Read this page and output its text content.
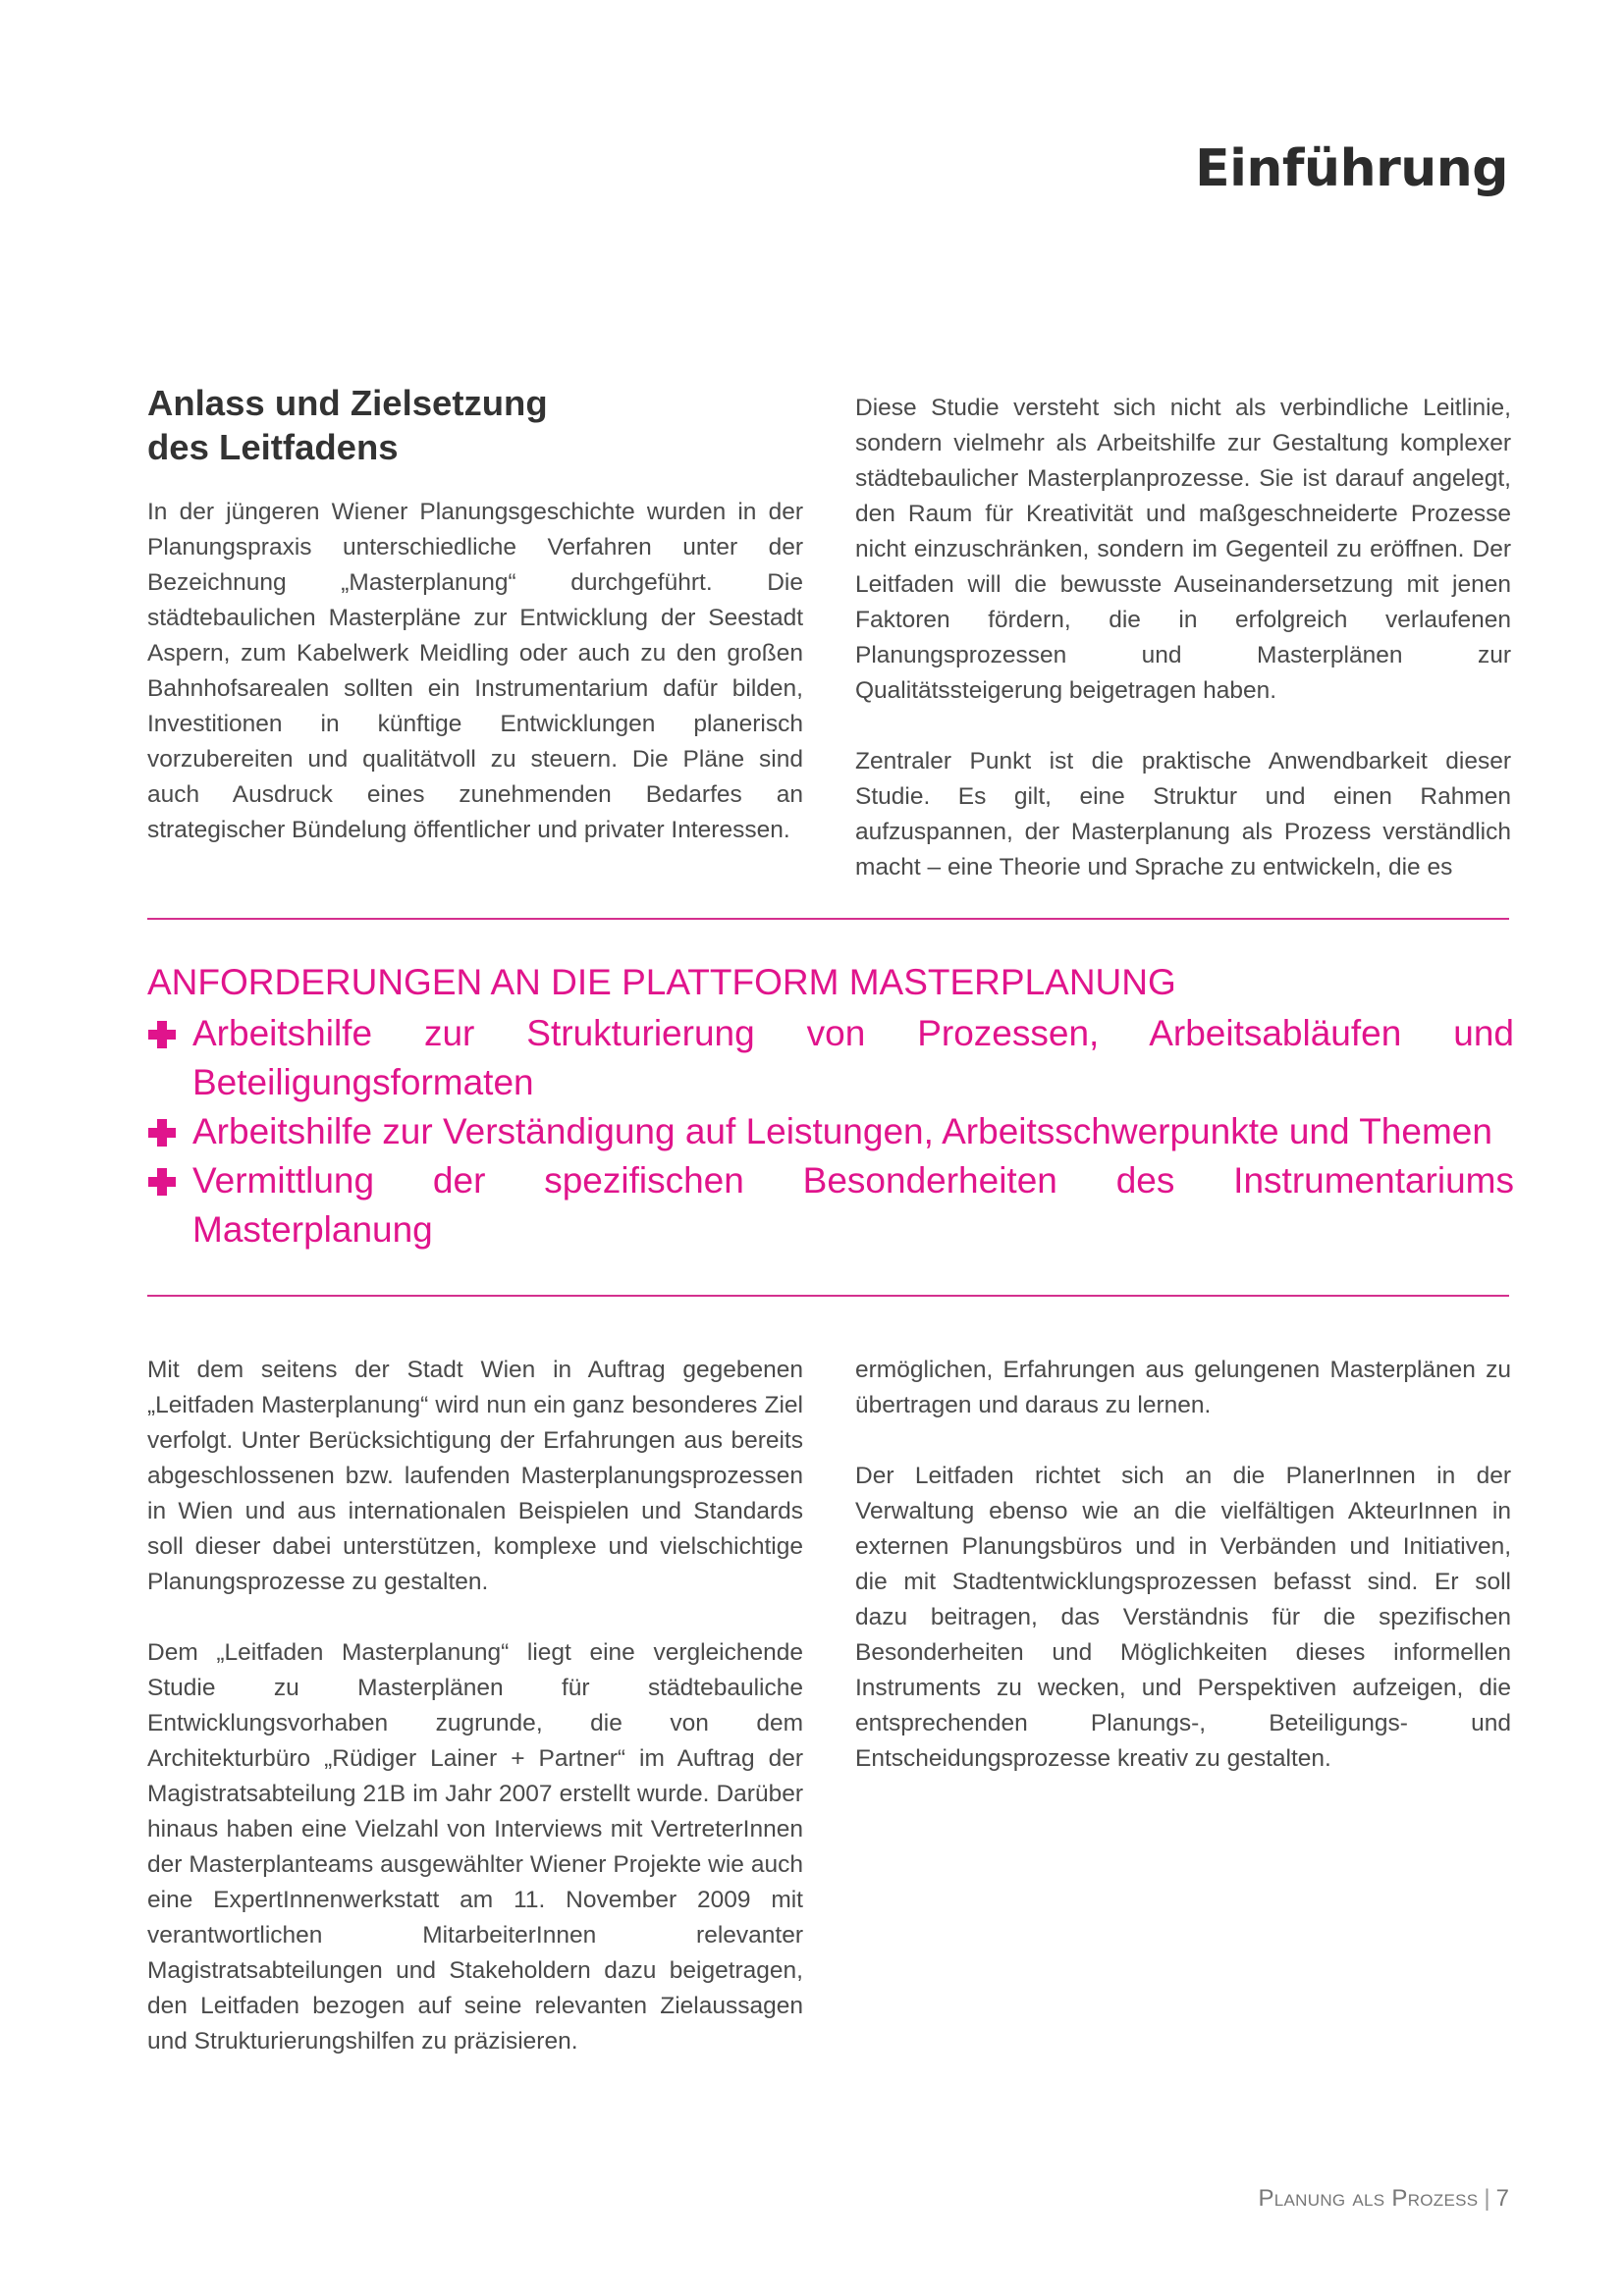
Einführung
Anlass und Zielsetzung
des Leitfadens

In der jüngeren Wiener Planungsgeschichte wurden in der Planungspraxis unterschiedliche Verfahren unter der Bezeichnung „Masterplanung“ durchgeführt. Die städtebaulichen Masterpläne zur Entwicklung der Seestadt Aspern, zum Kabelwerk Meidling oder auch zu den großen Bahnhofsarealen sollten ein Instrumentarium dafür bilden, Investitionen in künftige Entwicklungen planerisch vorzubereiten und qualitätvoll zu steuern. Die Pläne sind auch Ausdruck eines zunehmenden Bedarfes an strategischer Bündelung öffentlicher und privater Interessen.

Diese Studie versteht sich nicht als verbindliche Leitlinie, sondern vielmehr als Arbeitshilfe zur Gestaltung komplexer städtebaulicher Masterplanprozesse. Sie ist darauf angelegt, den Raum für Kreativität und maßgeschneiderte Prozesse nicht einzuschränken, sondern im Gegenteil zu eröffnen. Der Leitfaden will die bewusste Auseinandersetzung mit jenen Faktoren fördern, die in erfolgreich verlaufenen Planungsprozessen und Masterplänen zur Qualitätssteigerung beigetragen haben.

Zentraler Punkt ist die praktische Anwendbarkeit dieser Studie. Es gilt, eine Struktur und einen Rahmen aufzuspannen, der Masterplanung als Prozess verständlich macht – eine Theorie und Sprache zu entwickeln, die es

ANFORDERUNGEN AN DIE PLATTFORM MASTERPLANUNG
Arbeitshilfe zur Strukturierung von Prozessen, Arbeitsabläufen und Beteiligungsformaten
Arbeitshilfe zur Verständigung auf Leistungen, Arbeitsschwerpunkte und Themen
Vermittlung der spezifischen Besonderheiten des Instrumentariums Masterplanung

Mit dem seitens der Stadt Wien in Auftrag gegebenen „Leitfaden Masterplanung“ wird nun ein ganz besonderes Ziel verfolgt. Unter Berücksichtigung der Erfahrungen aus bereits abgeschlossenen bzw. laufenden Masterplanungsprozessen in Wien und aus internationalen Beispielen und Standards soll dieser dabei unterstützen, komplexe und vielschichtige Planungsprozesse zu gestalten.

Dem „Leitfaden Masterplanung“ liegt eine vergleichende Studie zu Masterplänen für städtebauliche Entwicklungsvorhaben zugrunde, die von dem Architekturbüro „Rüdiger Lainer + Partner“ im Auftrag der Magistratsabteilung 21B im Jahr 2007 erstellt wurde. Darüber hinaus haben eine Vielzahl von Interviews mit VertreterInnen der Masterplanteams ausgewählter Wiener Projekte wie auch eine ExpertInnenwerkstatt am 11. November 2009 mit verantwortlichen MitarbeiterInnen relevanter Magistratsabteilungen und Stakeholdern dazu beigetragen, den Leitfaden bezogen auf seine relevanten Zielaussagen und Strukturierungshilfen zu präzisieren.

ermöglichen, Erfahrungen aus gelungenen Masterplänen zu übertragen und daraus zu lernen.

Der Leitfaden richtet sich an die PlanerInnen in der Verwaltung ebenso wie an die vielfältigen AkteurInnen in externen Planungsbüros und in Verbänden und Initiativen, die mit Stadtentwicklungsprozessen befasst sind. Er soll dazu beitragen, das Verständnis für die spezifischen Besonderheiten und Möglichkeiten dieses informellen Instruments zu wecken, und Perspektiven aufzeigen, die entsprechenden Planungs-, Beteiligungs- und Entscheidungsprozesse kreativ zu gestalten.

Planung als Prozess | 7
